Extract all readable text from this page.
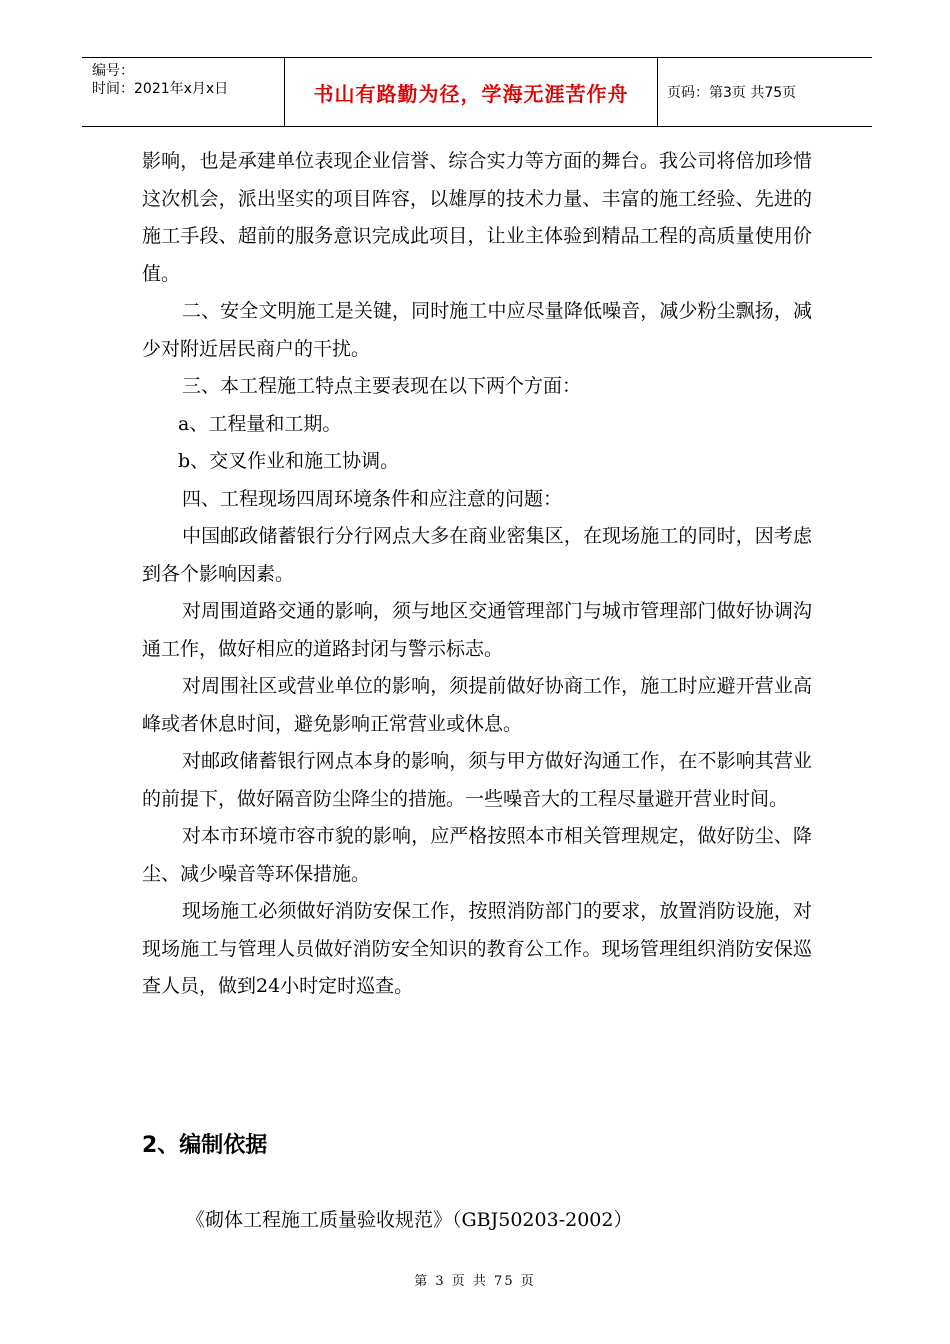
编号：
时间：2021年x月x日	书山有路勤为径，学海无涯苦作舟	页码：第3页 共75页

影响，也是承建单位表现企业信誉、综合实力等方面的舞台。我公司将倍加珍惜这次机会，派出坚实的项目阵容，以雄厚的技术力量、丰富的施工经验、先进的施工手段、超前的服务意识完成此项目，让业主体验到精品工程的高质量使用价值。

二、安全文明施工是关键，同时施工中应尽量降低噪音，减少粉尘飘扬，减少对附近居民商户的干扰。

三、本工程施工特点主要表现在以下两个方面：

a、工程量和工期。

b、交叉作业和施工协调。

四、工程现场四周环境条件和应注意的问题：

中国邮政储蓄银行分行网点大多在商业密集区，在现场施工的同时，因考虑到各个影响因素。

对周围道路交通的影响，须与地区交通管理部门与城市管理部门做好协调沟通工作，做好相应的道路封闭与警示标志。

对周围社区或营业单位的影响，须提前做好协商工作，施工时应避开营业高峰或者休息时间，避免影响正常营业或休息。

对邮政储蓄银行网点本身的影响，须与甲方做好沟通工作，在不影响其营业的前提下，做好隔音防尘降尘的措施。一些噪音大的工程尽量避开营业时间。

对本市环境市容市貌的影响，应严格按照本市相关管理规定，做好防尘、降尘、减少噪音等环保措施。

现场施工必须做好消防安保工作，按照消防部门的要求，放置消防设施，对现场施工与管理人员做好消防安全知识的教育公工作。现场管理组织消防安保巡查人员，做到24小时定时巡查。

2、编制依据

《砌体工程施工质量验收规范》（GBJ50203-2002）

第 3 页 共 75 页
